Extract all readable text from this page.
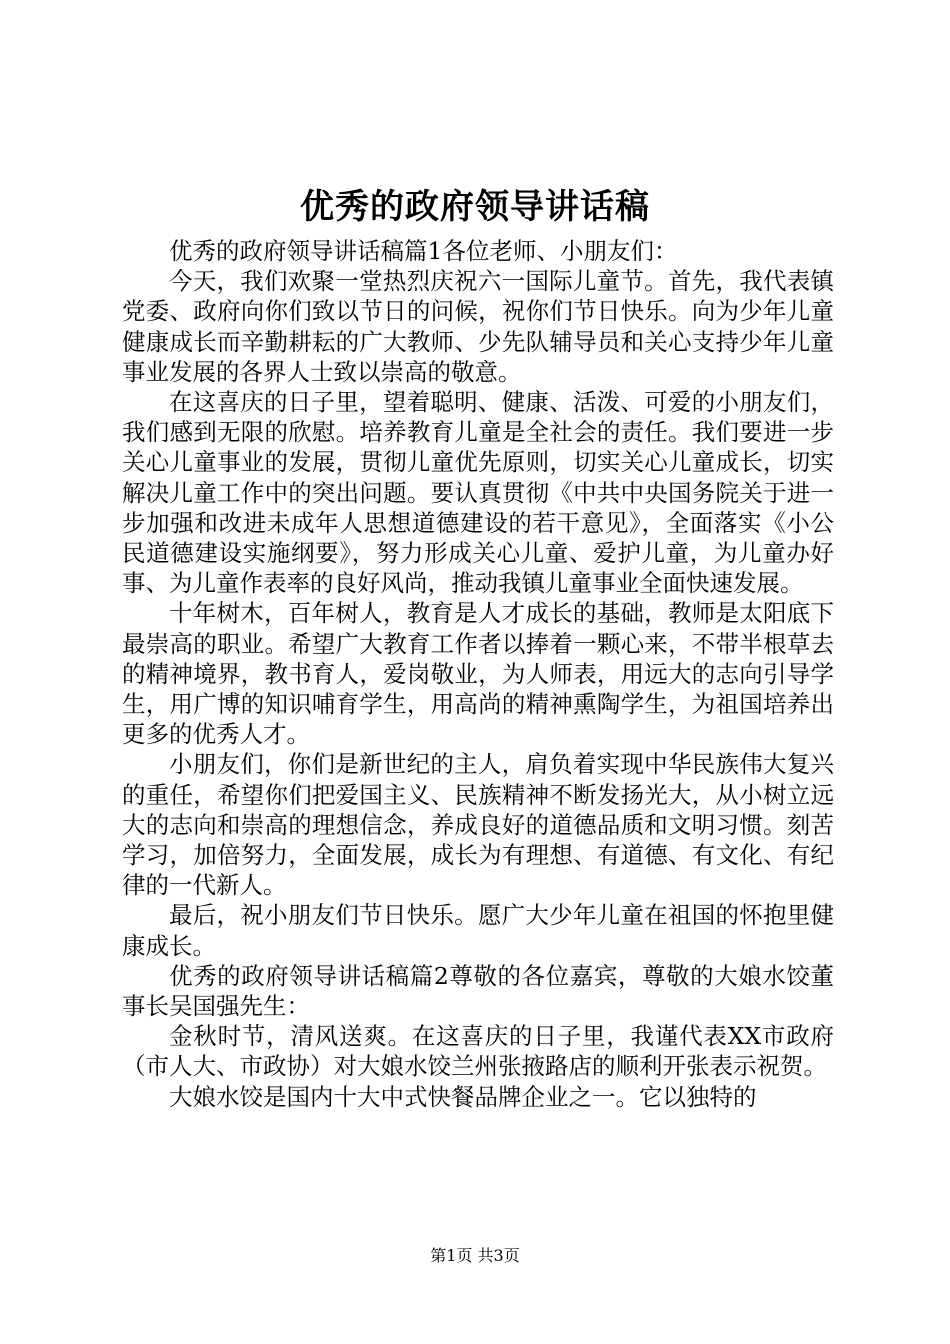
优秀的政府领导讲话稿

优秀的政府领导讲话稿篇1各位老师、小朋友们：

今天，我们欢聚一堂热烈庆祝六一国际儿童节。首先，我代表镇党委、政府向你们致以节日的问候，祝你们节日快乐。向为少年儿童健康成长而辛勤耕耘的广大教师、少先队辅导员和关心支持少年儿童事业发展的各界人士致以崇高的敬意。

在这喜庆的日子里，望着聪明、健康、活泼、可爱的小朋友们，我们感到无限的欣慰。培养教育儿童是全社会的责任。我们要进一步关心儿童事业的发展，贯彻儿童优先原则，切实关心儿童成长，切实解决儿童工作中的突出问题。要认真贯彻《中共中央国务院关于进一步加强和改进未成年人思想道德建设的若干意见》，全面落实《小公民道德建设实施纲要》，努力形成关心儿童、爱护儿童，为儿童办好事、为儿童作表率的良好风尚，推动我镇儿童事业全面快速发展。

十年树木，百年树人，教育是人才成长的基础，教师是太阳底下最崇高的职业。希望广大教育工作者以捧着一颗心来，不带半根草去的精神境界，教书育人，爱岗敬业，为人师表，用远大的志向引导学生，用广博的知识哺育学生，用高尚的精神熏陶学生，为祖国培养出更多的优秀人才。

小朋友们，你们是新世纪的主人，肩负着实现中华民族伟大复兴的重任，希望你们把爱国主义、民族精神不断发扬光大，从小树立远大的志向和崇高的理想信念，养成良好的道德品质和文明习惯。刻苦学习，加倍努力，全面发展，成长为有理想、有道德、有文化、有纪律的一代新人。

最后，祝小朋友们节日快乐。愿广大少年儿童在祖国的怀抱里健康成长。

优秀的政府领导讲话稿篇2尊敬的各位嘉宾，尊敬的大娘水饺董事长吴国强先生：

金秋时节，清风送爽。在这喜庆的日子里，我谨代表XX市政府（市人大、市政协）对大娘水饺兰州张掖路店的顺利开张表示祝贺。

大娘水饺是国内十大中式快餐品牌企业之一。它以独特的

第1页 共3页
